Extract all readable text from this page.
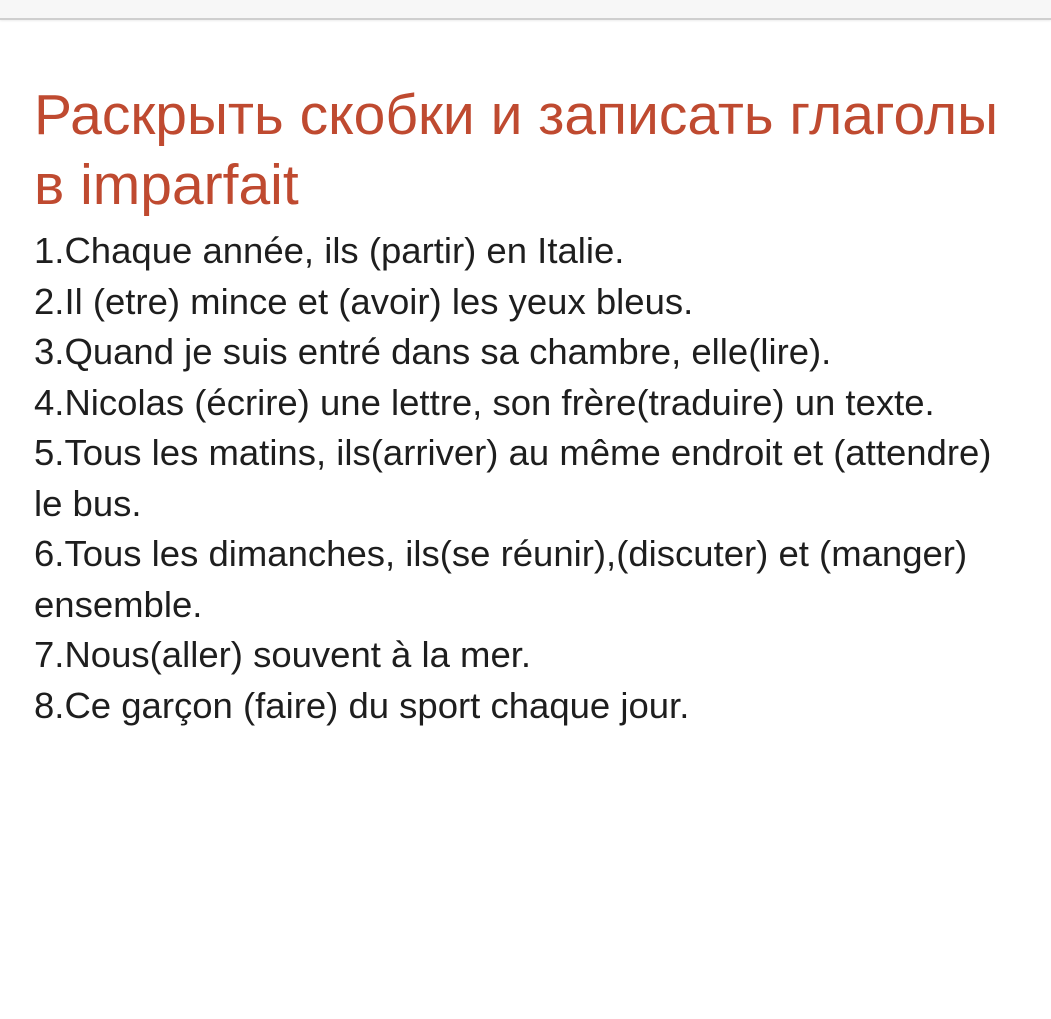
Раскрыть скобки и записать глаголы в imparfait
1.Chaque année, ils (partir) en Italie.
2.Il (etre) mince et (avoir) les yeux bleus.
3.Quand je suis entré dans sa chambre, elle(lire).
4.Nicolas (écrire) une lettre, son frère(traduire) un texte.
5.Tous les matins, ils(arriver) au même endroit et (attendre) le bus.
6.Tous les dimanches, ils(se réunir),(discuter) et (manger) ensemble.
7.Nous(aller) souvent à la mer.
8.Ce garçon (faire) du sport chaque jour.
